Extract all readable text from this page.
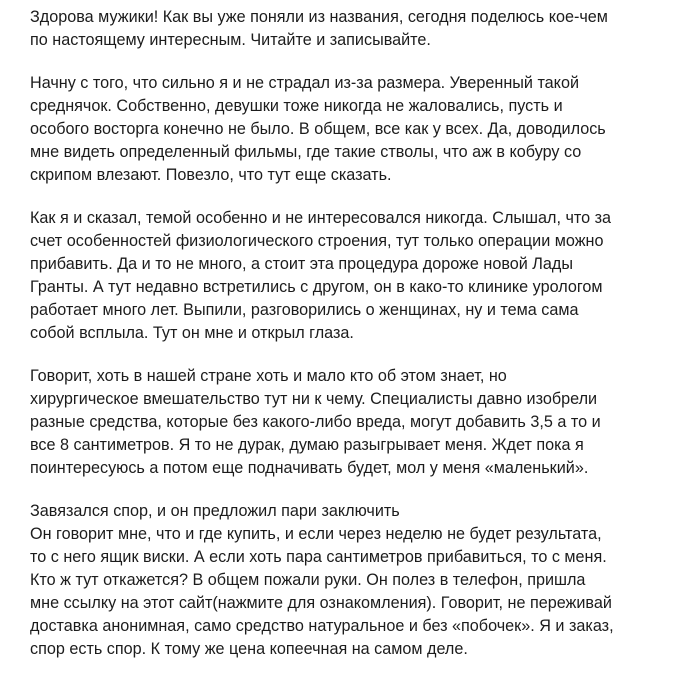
Здорова мужики! Как вы уже поняли из названия, сегодня поделюсь кое-чем
по настоящему интересным. Читайте и записывайте.

Начну с того, что сильно я и не страдал из-за размера. Уверенный такой
среднячок. Собственно, девушки тоже никогда не жаловались, пусть и
особого восторга конечно не было. В общем, все как у всех. Да, доводилось
мне видеть определенный фильмы, где такие стволы, что аж в кобуру со
скрипом влезают. Повезло, что тут еще сказать.

Как я и сказал, темой особенно и не интересовался никогда. Слышал, что за
счет особенностей физиологического строения, тут только операции можно
прибавить. Да и то не много, а стоит эта процедура дороже новой Лады
Гранты. А тут недавно встретились с другом, он в како-то клинике урологом
работает много лет. Выпили, разговорились о женщинах, ну и тема сама
собой всплыла. Тут он мне и открыл глаза.

Говорит, хоть в нашей стране хоть и мало кто об этом знает, но
хирургическое вмешательство тут ни к чему. Специалисты давно изобрели
разные средства, которые без какого-либо вреда, могут добавить 3,5 а то и
все 8 сантиметров. Я то не дурак, думаю разыгрывает меня. Ждет пока я
поинтересуюсь а потом еще подначивать будет, мол у меня «маленький».

Завязался спор, и он предложил пари заключить
Он говорит мне, что и где купить, и если через неделю не будет результата,
то с него ящик виски. А если хоть пара сантиметров прибавиться, то с меня.
Кто ж тут откажется? В общем пожали руки. Он полез в телефон, пришла
мне ссылку на этот сайт(нажмите для ознакомления). Говорит, не переживай
доставка анонимная, само средство натуральное и без «побочек». Я и заказ,
спор есть спор. К тому же цена копеечная на самом деле.
